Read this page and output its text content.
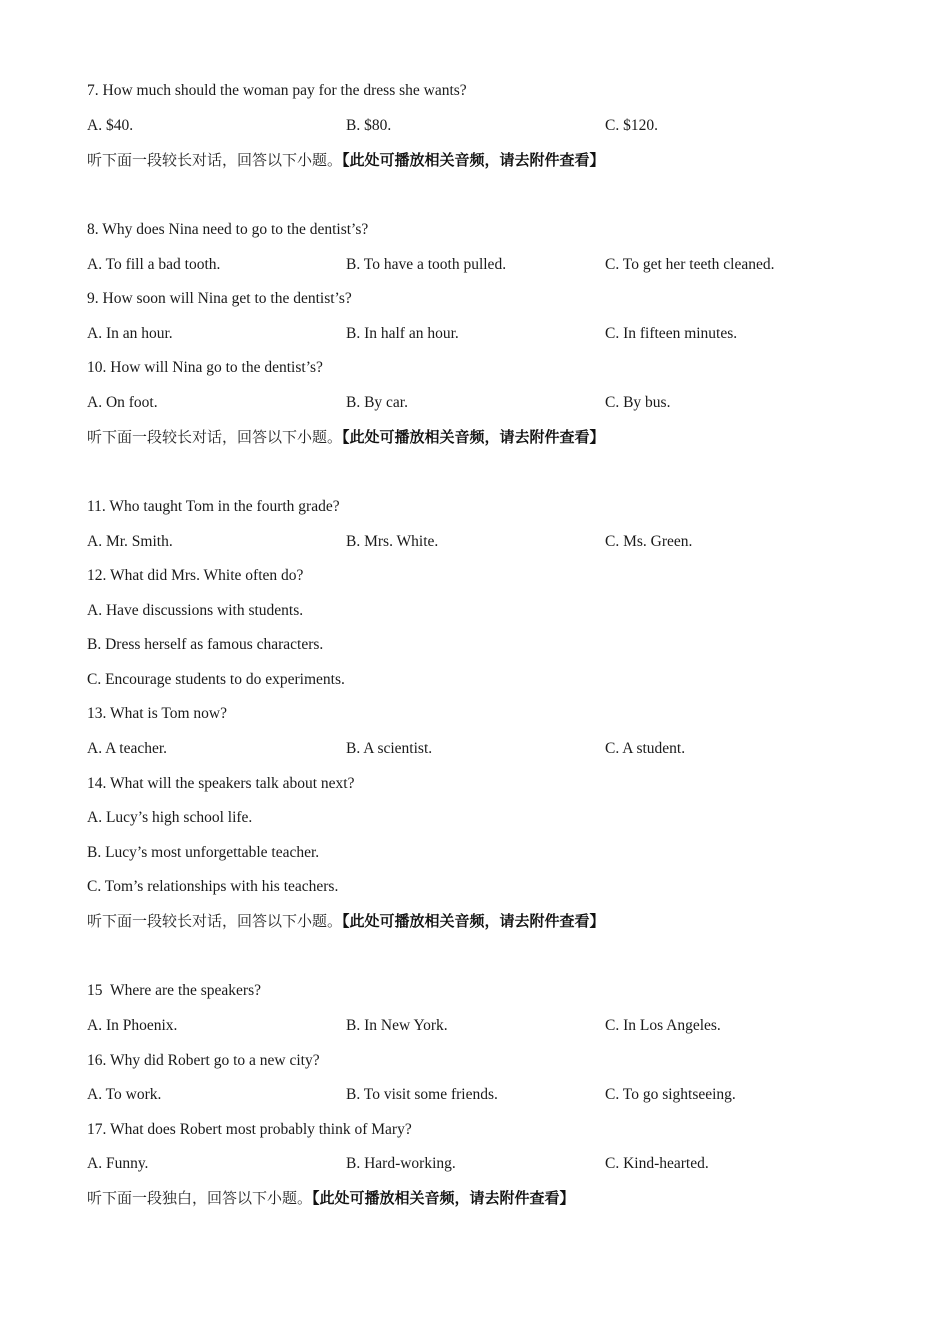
7. How much should the woman pay for the dress she wants?
A. $40.	B. $80.	C. $120.
听下面一段较长对话，回答以下小题。【此处可播放相关音频，请去附件查看】
8. Why does Nina need to go to the dentist’s?
A. To fill a bad tooth.	B. To have a tooth pulled.	C. To get her teeth cleaned.
9. How soon will Nina get to the dentist’s?
A. In an hour.	B. In half an hour.	C. In fifteen minutes.
10. How will Nina go to the dentist’s?
A. On foot.	B. By car.	C. By bus.
听下面一段较长对话，回答以下小题。【此处可播放相关音频，请去附件查看】
11. Who taught Tom in the fourth grade?
A. Mr. Smith.	B. Mrs. White.	C. Ms. Green.
12. What did Mrs. White often do?
A. Have discussions with students.
B. Dress herself as famous characters.
C. Encourage students to do experiments.
13. What is Tom now?
A. A teacher.	B. A scientist.	C. A student.
14. What will the speakers talk about next?
A. Lucy’s high school life.
B. Lucy’s most unforgettable teacher.
C. Tom’s relationships with his teachers.
听下面一段较长对话，回答以下小题。【此处可播放相关音频，请去附件查看】
15  Where are the speakers?
A. In Phoenix.	B. In New York.	C. In Los Angeles.
16. Why did Robert go to a new city?
A. To work.	B. To visit some friends.	C. To go sightseeing.
17. What does Robert most probably think of Mary?
A. Funny.	B. Hard-working.	C. Kind-hearted.
听下面一段独白，回答以下小题。【此处可播放相关音频，请去附件查看】
